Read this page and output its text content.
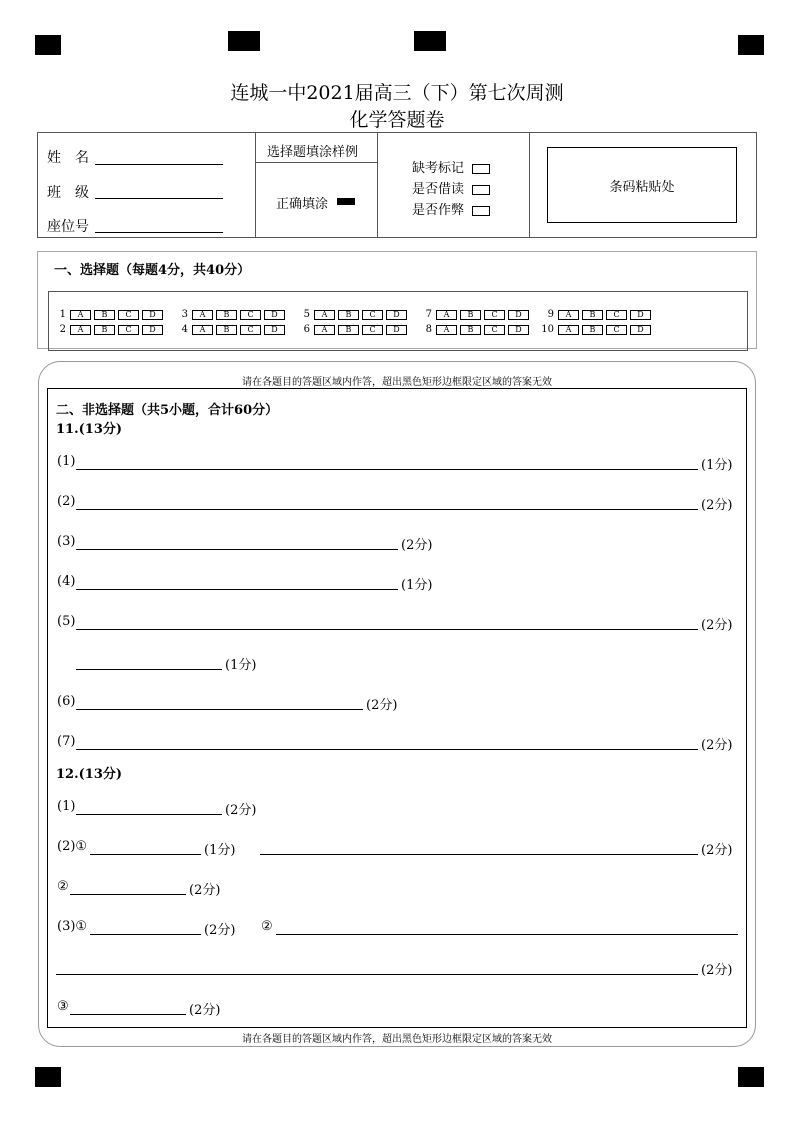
连城一中2021届高三（下）第七次周测
化学答题卷
姓　名
班　级
座位号
选择题填涂样例
正确填涂
缺考标记
是否借读
是否作弊
条码粘贴处
一、选择题（每题4分，共40分）
1	A	B	C	D
2	A	B	C	D
3	A	B	C	D
4	A	B	C	D
5	A	B	C	D
6	A	B	C	D
7	A	B	C	D
8	A	B	C	D
9	A	B	C	D
10	A	B	C	D
请在各题目的答题区域内作答，超出黑色矩形边框限定区域的答案无效
请在各题目的答题区域内作答，超出黑色矩形边框限定区域的答案无效
二、非选择题（共5小题，合计60分）
11.(13分)
(1)	(1分)
(2)	(2分)
(3)	(2分)
(4)	(1分)
(5)	(2分)
(1分)
(6)	(2分)
(7)	(2分)
12.(13分)
(1)	(2分)
(2)①	(1分)	(2分)
②	(2分)
(3)①	(2分) ②
(2分)
③	(2分)
